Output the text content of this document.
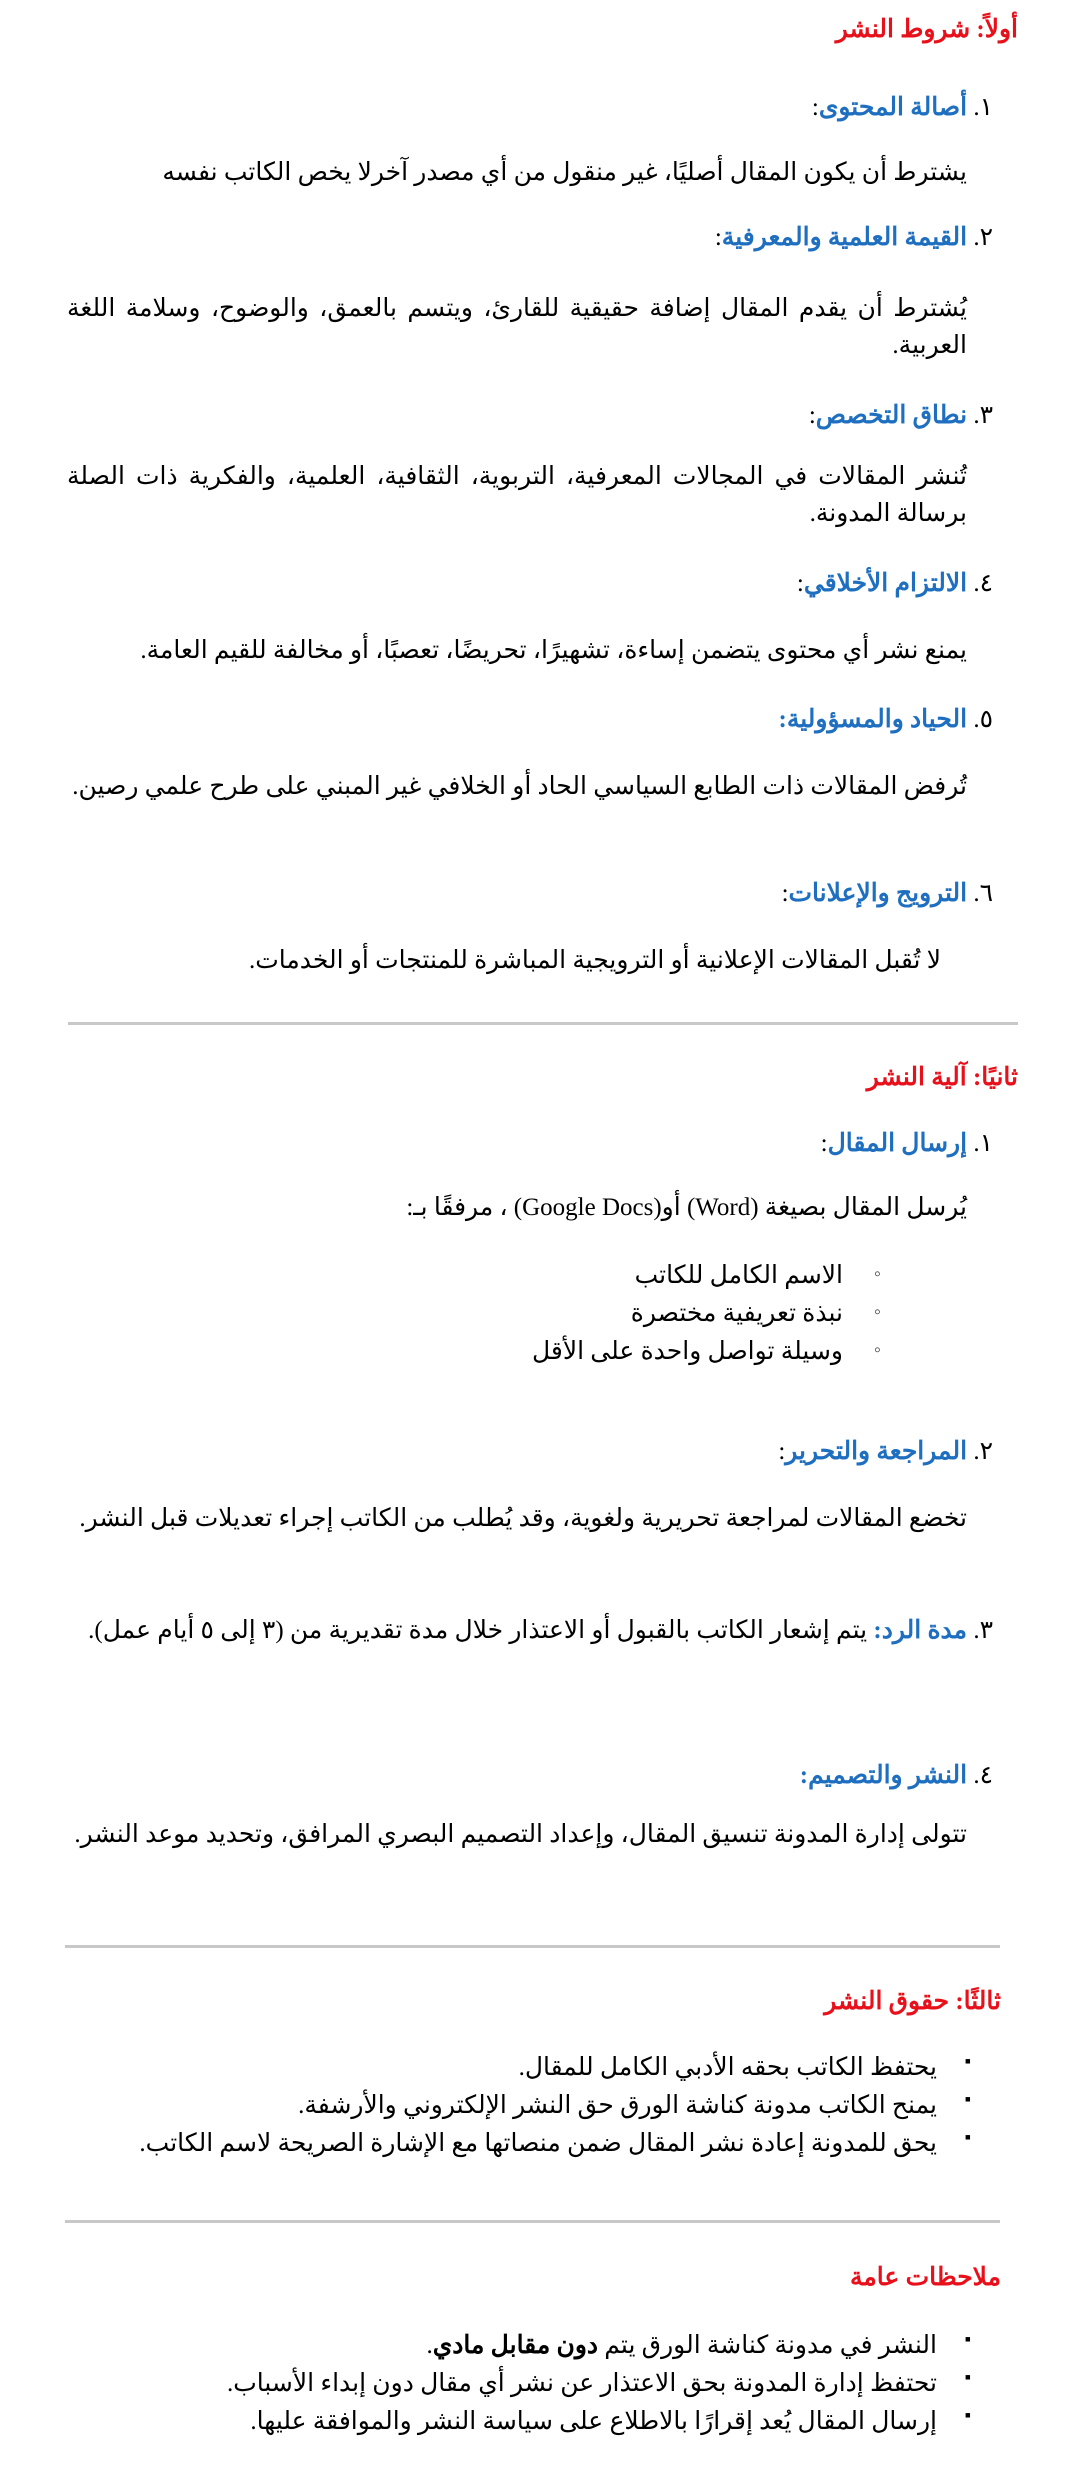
أولاً: شروط النشر
١. أصالة المحتوى:
يشترط أن يكون المقال أصليًا، غير منقول من أي مصدر آخرلا يخص الكاتب نفسه
٢. القيمة العلمية والمعرفية:
يُشترط أن يقدم المقال إضافة حقيقية للقارئ، ويتسم بالعمق، والوضوح، وسلامة اللغة العربية.
٣. نطاق التخصص:
تُنشر المقالات في المجالات المعرفية، التربوية، الثقافية، العلمية، والفكرية ذات الصلة برسالة المدونة.
٤. الالتزام الأخلاقي:
يمنع نشر أي محتوى يتضمن إساءة، تشهيرًا، تحريضًا، تعصبًا، أو مخالفة للقيم العامة.
٥. الحياد والمسؤولية:
تُرفض المقالات ذات الطابع السياسي الحاد أو الخلافي غير المبني على طرح علمي رصين.
٦. الترويج والإعلانات:
لا تُقبل المقالات الإعلانية أو الترويجية المباشرة للمنتجات أو الخدمات.
ثانيًا: آلية النشر
١. إرسال المقال:
يُرسل المقال بصيغة (Word) أو(Google Docs) ، مرفقًا بـ:
◦ الاسم الكامل للكاتب
◦ نبذة تعريفية مختصرة
◦ وسيلة تواصل واحدة على الأقل
٢. المراجعة والتحرير:
تخضع المقالات لمراجعة تحريرية ولغوية، وقد يُطلب من الكاتب إجراء تعديلات قبل النشر.
٣. مدة الرد: يتم إشعار الكاتب بالقبول أو الاعتذار خلال مدة تقديرية من (٣ إلى ٥ أيام عمل).
٤. النشر والتصميم:
تتولى إدارة المدونة تنسيق المقال، وإعداد التصميم البصري المرافق، وتحديد موعد النشر.
ثالثًا: حقوق النشر
▪ يحتفظ الكاتب بحقه الأدبي الكامل للمقال.
▪ يمنح الكاتب مدونة كناشة الورق حق النشر الإلكتروني والأرشفة.
▪ يحق للمدونة إعادة نشر المقال ضمن منصاتها مع الإشارة الصريحة لاسم الكاتب.
ملاحظات عامة
▪ النشر في مدونة كناشة الورق يتم دون مقابل مادي.
▪ تحتفظ إدارة المدونة بحق الاعتذار عن نشر أي مقال دون إبداء الأسباب.
▪ إرسال المقال يُعد إقرارًا بالاطلاع على سياسة النشر والموافقة عليها.
